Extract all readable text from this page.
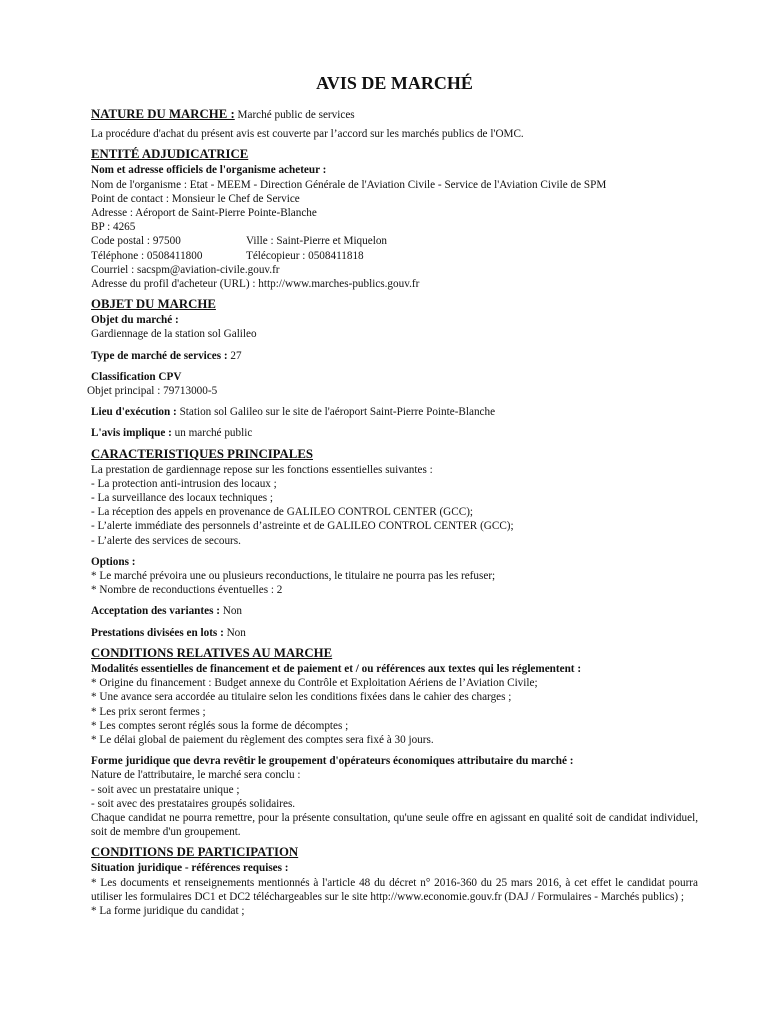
AVIS DE MARCHÉ
NATURE DU MARCHE : Marché public de services
La procédure d'achat du présent avis est couverte par l’accord sur les marchés publics de l'OMC.
ENTITÉ ADJUDICATRICE
Nom et adresse officiels de l'organisme acheteur :
Nom de l'organisme : Etat - MEEM - Direction Générale de l'Aviation Civile - Service de l'Aviation Civile de SPM
Point de contact : Monsieur le Chef de Service
Adresse : Aéroport de Saint-Pierre Pointe-Blanche
BP : 4265
Code postal : 97500	Ville : Saint-Pierre et Miquelon
Téléphone : 0508411800	Télécopieur : 0508411818
Courriel : sacspm@aviation-civile.gouv.fr
Adresse du profil d'acheteur (URL) : http://www.marches-publics.gouv.fr
OBJET DU MARCHE
Objet du marché :
Gardiennage de la station sol Galileo
Type de marché de services : 27
Classification CPV
Objet principal : 79713000-5
Lieu d'exécution : Station sol Galileo sur le site de l'aéroport Saint-Pierre Pointe-Blanche
L'avis implique : un marché public
CARACTERISTIQUES PRINCIPALES
La prestation de gardiennage repose sur les fonctions essentielles suivantes :
- La protection anti-intrusion des locaux ;
- La surveillance des locaux techniques ;
- La réception des appels en provenance de GALILEO CONTROL CENTER (GCC);
- L’alerte immédiate des personnels d’astreinte et de GALILEO CONTROL CENTER (GCC);
- L’alerte des services de secours.
Options :
* Le marché prévoira une ou plusieurs reconductions, le titulaire ne pourra pas les refuser;
* Nombre de reconductions éventuelles : 2
Acceptation des variantes : Non
Prestations divisées en lots : Non
CONDITIONS RELATIVES AU MARCHE
Modalités essentielles de financement et de paiement et / ou références aux textes qui les réglementent :
* Origine du financement : Budget annexe du Contrôle et Exploitation Aériens de l’Aviation Civile;
* Une avance sera accordée au titulaire selon les conditions fixées dans le cahier des charges ;
* Les prix seront fermes ;
* Les comptes seront réglés sous la forme de décomptes ;
* Le délai global de paiement du règlement des comptes sera fixé à 30 jours.
Forme juridique que devra revêtir le groupement d'opérateurs économiques attributaire du marché :
Nature de l'attributaire, le marché sera conclu :
- soit avec un prestataire unique ;
- soit avec des prestataires groupés solidaires.
Chaque candidat ne pourra remettre, pour la présente consultation, qu'une seule offre en agissant en qualité soit de candidat individuel, soit de membre d'un groupement.
CONDITIONS DE PARTICIPATION
Situation juridique - références requises :
* Les documents et renseignements mentionnés à l'article 48 du décret n° 2016-360 du 25 mars 2016, à cet effet le candidat pourra utiliser les formulaires DC1 et DC2 téléchargeables sur le site http://www.economie.gouv.fr (DAJ / Formulaires - Marchés publics) ;
* La forme juridique du candidat ;
